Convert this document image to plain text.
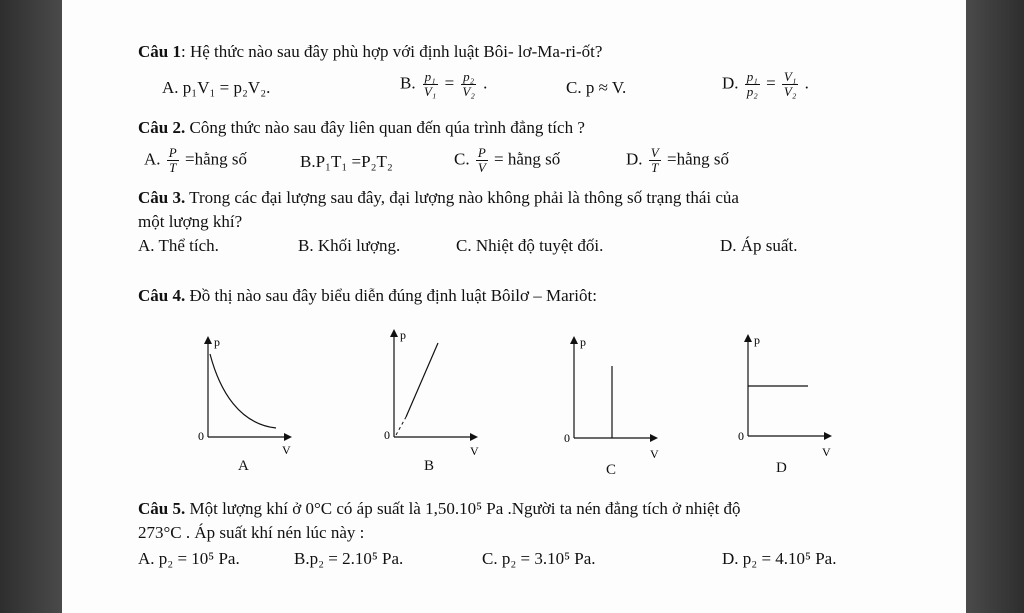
Câu 1: Hệ thức nào sau đây phù hợp với định luật Bôi- lơ-Ma-ri-ốt?
A. p₁V₁ = p₂V₂.	B. $\frac{\text{p₁}}{\text{V₁}} = \frac{\text{p₂}}{\text{V₂}}$ .	C. p ≈ V.	D. $\frac{\text{p₁}}{\text{p₂}} = \frac{\text{V₁}}{\text{V₂}}$ .
Câu 2. Công thức nào sau đây liên quan đến qúa trình đẳng tích ?
A. $\frac{P}{T}$ =hằng số	B.P₁T₁ =P₂T₂	C. $\frac{P}{V}$ = hằng số	D. $\frac{V}{T}$ =hằng số
Câu 3. Trong các đại lượng sau đây, đại lượng nào không phải là thông số trạng thái của
một lượng khí?
A. Thể tích.	B. Khối lượng.	C. Nhiệt độ tuyệt đối.	D. Áp suất.
Câu 4. Đồ thị nào sau đây biểu diễn đúng định luật Bôilơ – Mariôt:
p
0
V
A
p
0
V
B
p
0
V
C
p
0
V
D
Câu 5. Một lượng khí ở 0°C có áp suất là 1,50.10⁵ Pa .Người ta nén đẳng tích ở nhiệt độ
273°C . Áp suất khí nén lúc này :
A. p₂ = 10⁵ Pa.	B.p₂ = 2.10⁵ Pa.	C. p₂ = 3.10⁵ Pa.	D. p₂ = 4.10⁵ Pa.
